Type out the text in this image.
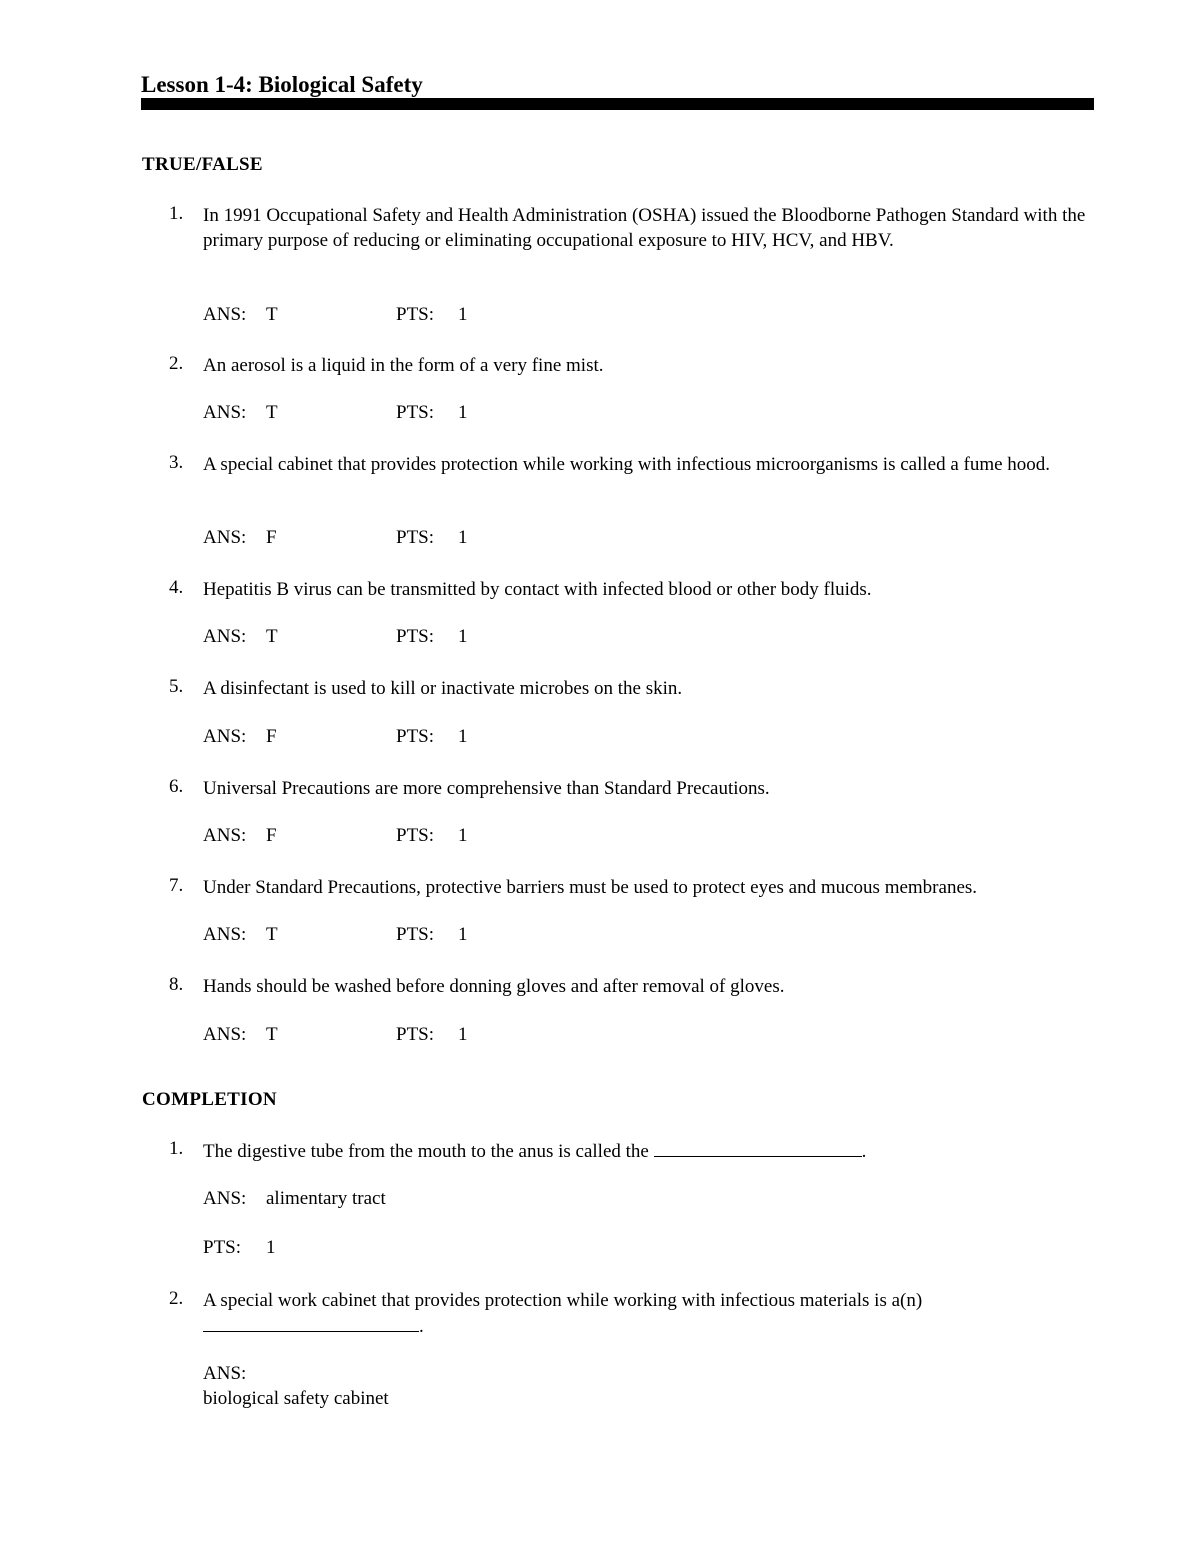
Lesson 1-4: Biological Safety
TRUE/FALSE
1. In 1991 Occupational Safety and Health Administration (OSHA) issued the Bloodborne Pathogen Standard with the primary purpose of reducing or eliminating occupational exposure to HIV, HCV, and HBV.
ANS: T	PTS: 1
2. An aerosol is a liquid in the form of a very fine mist.
ANS: T	PTS: 1
3. A special cabinet that provides protection while working with infectious microorganisms is called a fume hood.
ANS: F	PTS: 1
4. Hepatitis B virus can be transmitted by contact with infected blood or other body fluids.
ANS: T	PTS: 1
5. A disinfectant is used to kill or inactivate microbes on the skin.
ANS: F	PTS: 1
6. Universal Precautions are more comprehensive than Standard Precautions.
ANS: F	PTS: 1
7. Under Standard Precautions, protective barriers must be used to protect eyes and mucous membranes.
ANS: T	PTS: 1
8. Hands should be washed before donning gloves and after removal of gloves.
ANS: T	PTS: 1
COMPLETION
1. The digestive tube from the mouth to the anus is called the	.
ANS: alimentary tract
PTS: 1
2. A special work cabinet that provides protection while working with infectious materials is a(n)
.
ANS:
biological safety cabinet
